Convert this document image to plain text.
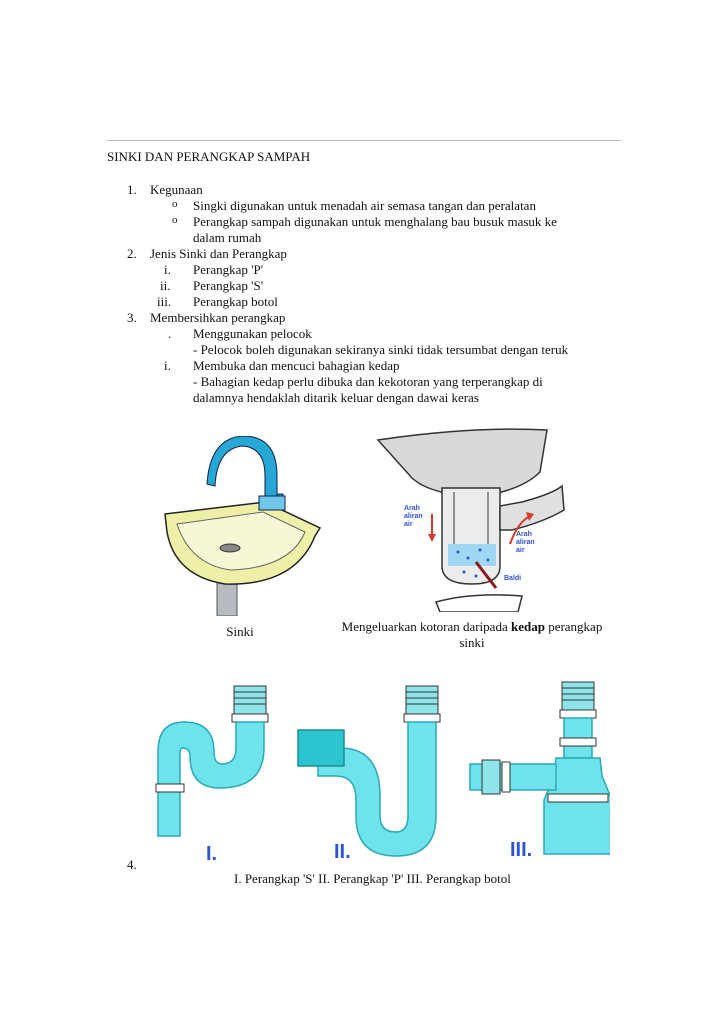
SINKI DAN PERANGKAP SAMPAH
1. Kegunaan
o Singki digunakan untuk menadah air semasa tangan dan peralatan
o Perangkap sampah digunakan untuk menghalang bau busuk masuk ke
dalam rumah
2. Jenis Sinki dan Perangkap
i. Perangkap 'P'
ii. Perangkap 'S'
iii. Perangkap botol
3. Membersihkan perangkap
. Menggunakan pelocok
- Pelocok boleh digunakan sekiranya sinki tidak tersumbat dengan teruk
i. Membuka dan mencuci bahagian kedap
- Bahagian kedap perlu dibuka dan kekotoran yang terperangkap di
dalamnya hendaklah ditarik keluar dengan dawai keras
Arah
aliran
air
Arah
aliran
air
Baldi
Sinki	Mengeluarkan kotoran daripada kedap perangkap
sinki
I.	II.	III.
4.
I. Perangkap 'S' II. Perangkap 'P' III. Perangkap botol
